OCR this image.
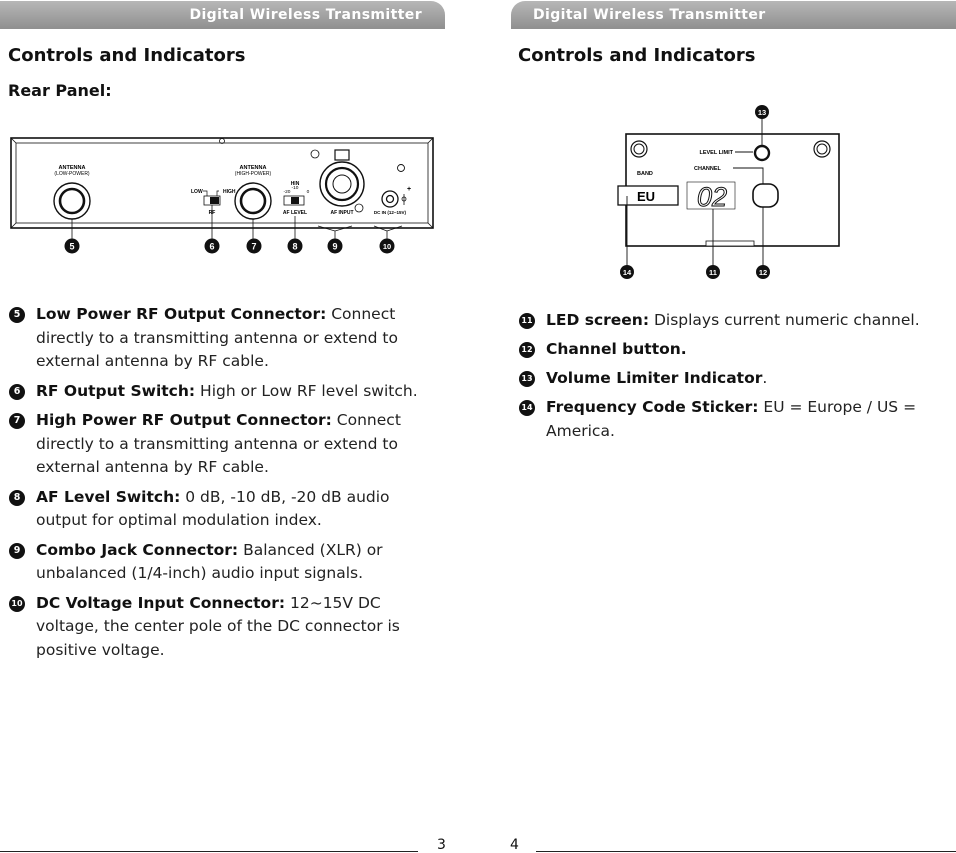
Digital Wireless Transmitter
Controls and Indicators
Rear Panel:
ANTENNA
(LOW-POWER)
LOW	HIGH
RF
ANTENNA
(HIGH-POWER)
HIN
-20
-10
0
AF LEVEL	AF INPUT
+
DC IN (12~15V)
5	6	7	8	9	10
5	Low Power RF Output Connector: Connect directly to a transmitting antenna or extend to external antenna by RF cable.
6	RF Output Switch: High or Low RF level switch.
7	High Power RF Output Connector: Connect directly to a transmitting antenna or extend to external antenna by RF cable.
8	AF Level Switch: 0 dB, -10 dB, -20 dB audio output for optimal modulation index.
9	Combo Jack Connector: Balanced (XLR) or unbalanced (1/4-inch) audio input signals.
10 DC Voltage Input Connector: 12~15V DC voltage, the center pole of the DC connector is positive voltage.
3
Digital Wireless Transmitter
Controls and Indicators
LEVEL LIMIT
CHANNEL
BAND
EU 02
13
14	11	12
11 LED screen: Displays current numeric channel.
12 Channel button.
13 Volume Limiter Indicator.
14 Frequency Code Sticker: EU = Europe / US = America.
4
